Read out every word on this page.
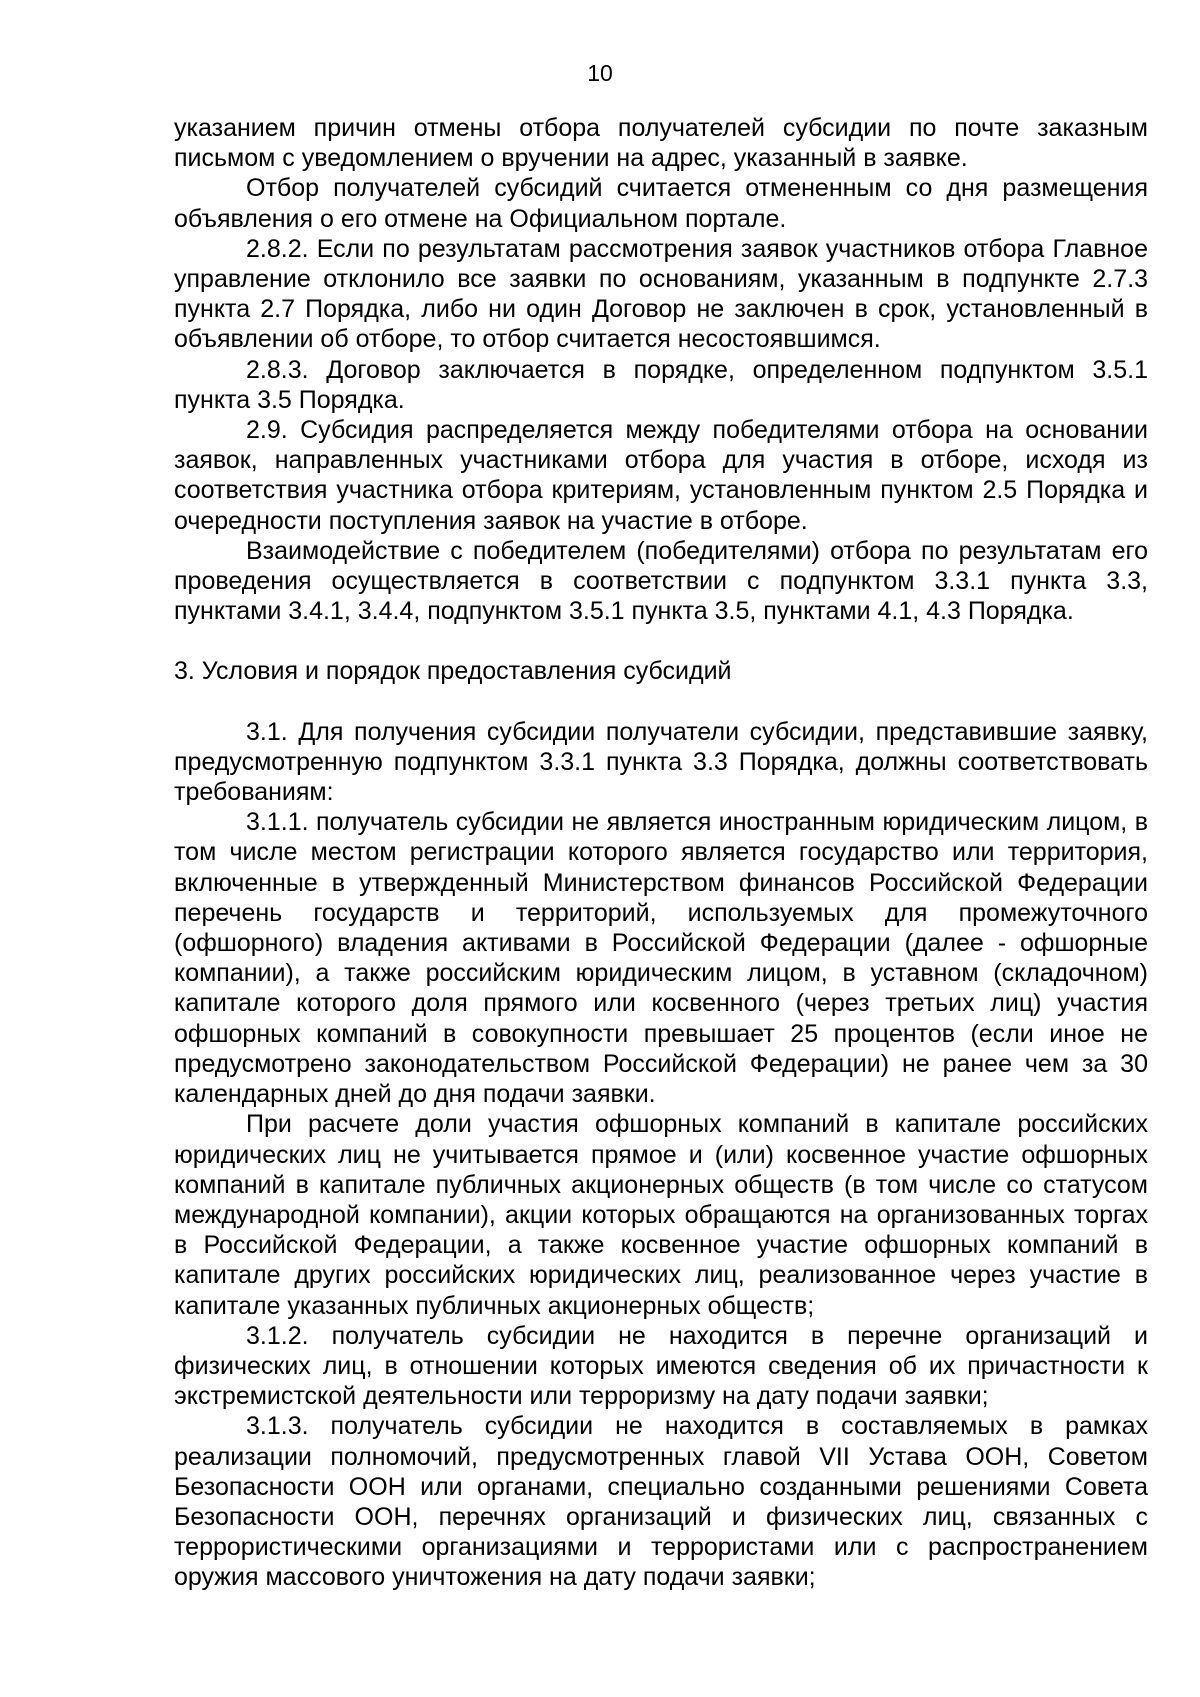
10

указанием причин отмены отбора получателей субсидии по почте заказным письмом с уведомлением о вручении на адрес, указанный в заявке.

Отбор получателей субсидий считается отмененным со дня размещения объявления о его отмене на Официальном портале.

2.8.2. Если по результатам рассмотрения заявок участников отбора Главное управление отклонило все заявки по основаниям, указанным в подпункте 2.7.3 пункта 2.7 Порядка, либо ни один Договор не заключен в срок, установленный в объявлении об отборе, то отбор считается несостоявшимся.

2.8.3. Договор заключается в порядке, определенном подпунктом 3.5.1 пункта 3.5 Порядка.

2.9. Субсидия распределяется между победителями отбора на основании заявок, направленных участниками отбора для участия в отборе, исходя из соответствия участника отбора критериям, установленным пунктом 2.5 Порядка и очередности поступления заявок на участие в отборе.

Взаимодействие с победителем (победителями) отбора по результатам его проведения осуществляется в соответствии с подпунктом 3.3.1 пункта 3.3, пунктами 3.4.1, 3.4.4, подпунктом 3.5.1 пункта 3.5, пунктами 4.1, 4.3 Порядка.

3. Условия и порядок предоставления субсидий

3.1. Для получения субсидии получатели субсидии, представившие заявку, предусмотренную подпунктом 3.3.1 пункта 3.3 Порядка, должны соответствовать требованиям:

3.1.1. получатель субсидии не является иностранным юридическим лицом, в том числе местом регистрации которого является государство или территория, включенные в утвержденный Министерством финансов Российской Федерации перечень государств и территорий, используемых для промежуточного (офшорного) владения активами в Российской Федерации (далее - офшорные компании), а также российским юридическим лицом, в уставном (складочном) капитале которого доля прямого или косвенного (через третьих лиц) участия офшорных компаний в совокупности превышает 25 процентов (если иное не предусмотрено законодательством Российской Федерации) не ранее чем за 30 календарных дней до дня подачи заявки.

При расчете доли участия офшорных компаний в капитале российских юридических лиц не учитывается прямое и (или) косвенное участие офшорных компаний в капитале публичных акционерных обществ (в том числе со статусом международной компании), акции которых обращаются на организованных торгах в Российской Федерации, а также косвенное участие офшорных компаний в капитале других российских юридических лиц, реализованное через участие в капитале указанных публичных акционерных обществ;

3.1.2. получатель субсидии не находится в перечне организаций и физических лиц, в отношении которых имеются сведения об их причастности к экстремистской деятельности или терроризму на дату подачи заявки;

3.1.3. получатель субсидии не находится в составляемых в рамках реализации полномочий, предусмотренных главой VII Устава ООН, Советом Безопасности ООН или органами, специально созданными решениями Совета Безопасности ООН, перечнях организаций и физических лиц, связанных с террористическими организациями и террористами или с распространением оружия массового уничтожения на дату подачи заявки;
